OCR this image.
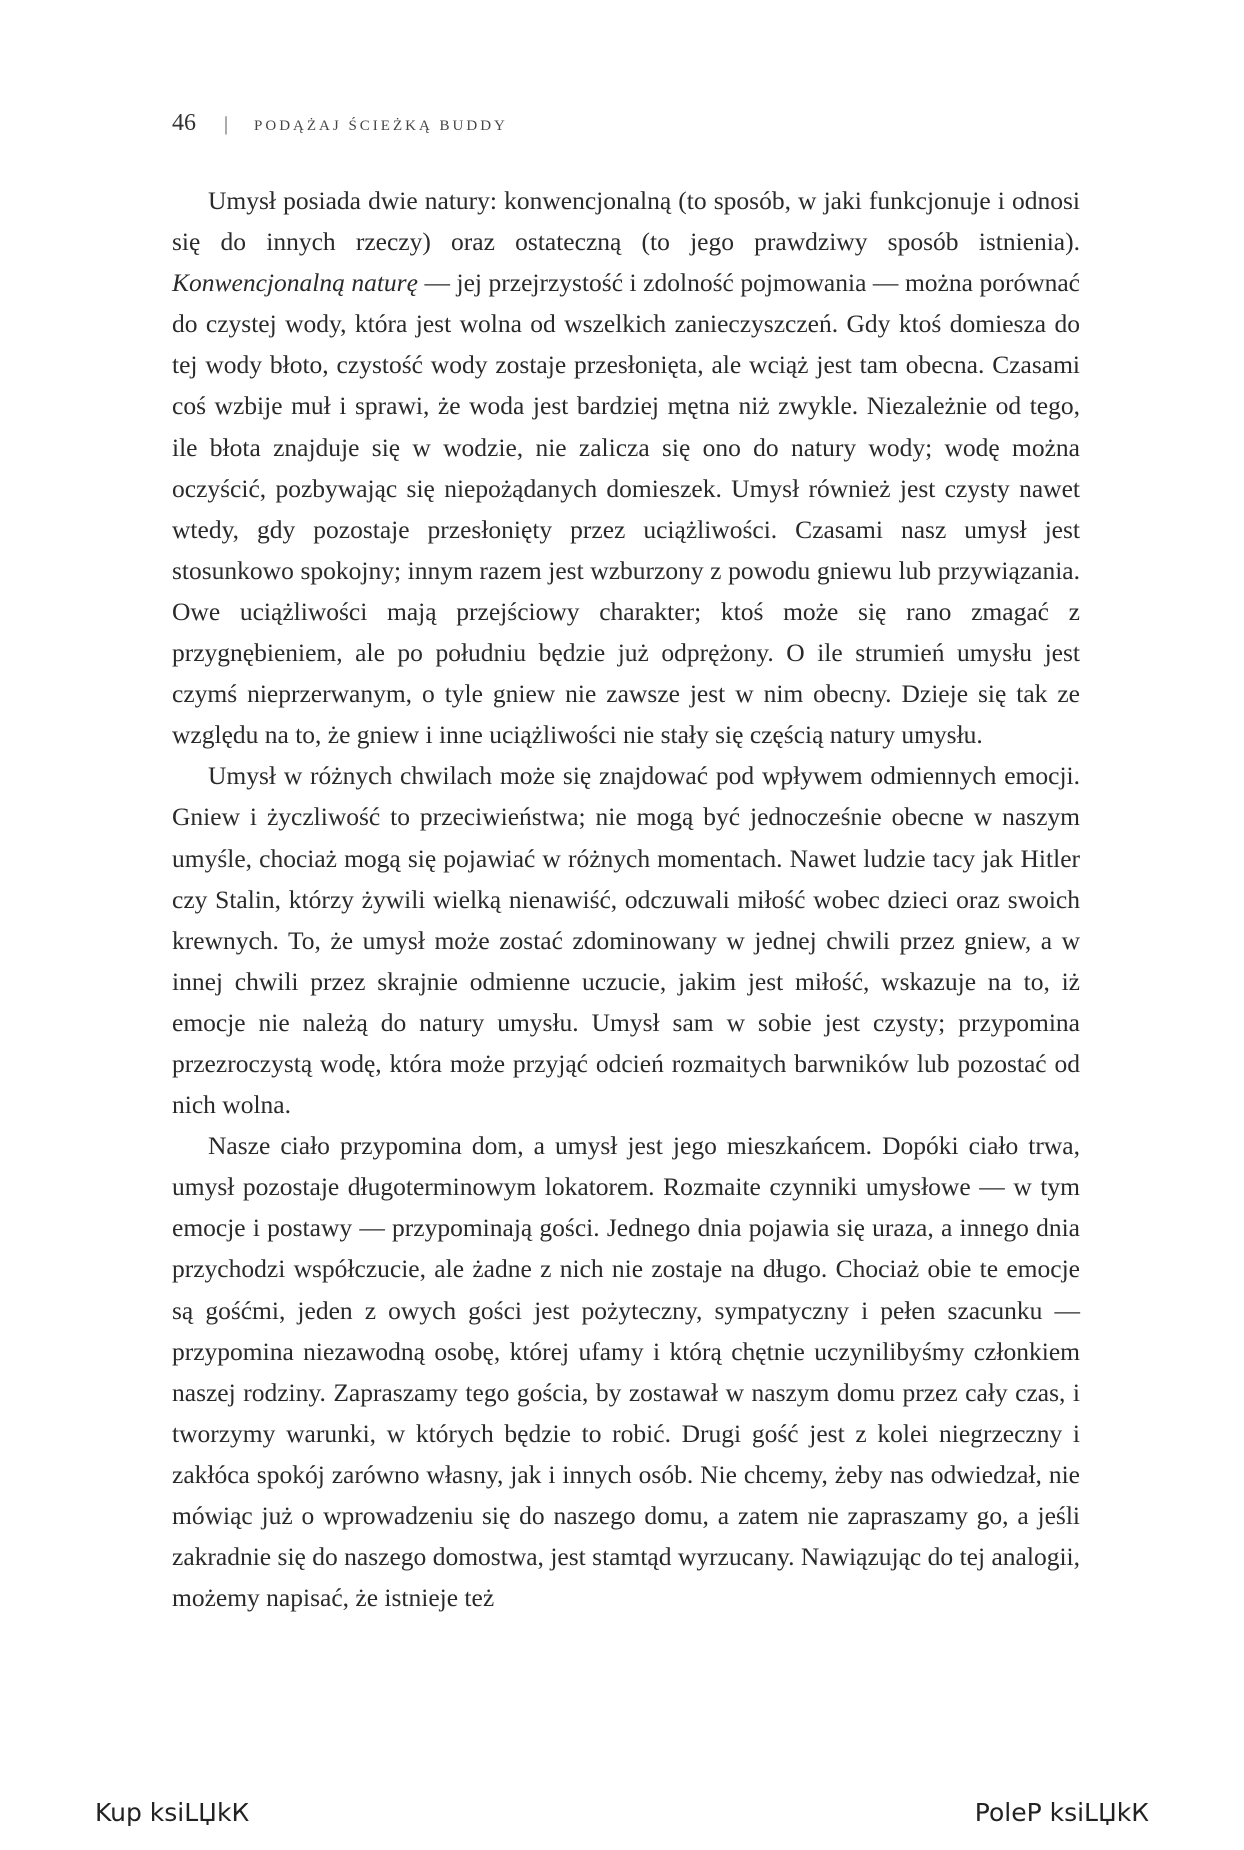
46 | PODĄŻAJ ŚCIEŻKĄ BUDDY

Umysł posiada dwie natury: konwencjonalną (to sposób, w jaki funkcjonuje i odnosi się do innych rzeczy) oraz ostateczną (to jego prawdziwy sposób istnienia). Konwencjonalną naturę — jej przejrzystość i zdolność pojmowania — można porównać do czystej wody, która jest wolna od wszelkich zanieczyszczeń. Gdy ktoś domiesza do tej wody błoto, czystość wody zostaje przesłonięta, ale wciąż jest tam obecna. Czasami coś wzbije muł i sprawi, że woda jest bardziej mętna niż zwykle. Niezależnie od tego, ile błota znajduje się w wodzie, nie zalicza się ono do natury wody; wodę można oczyścić, pozbywając się niepożądanych domieszek. Umysł również jest czysty nawet wtedy, gdy pozostaje przesłonięty przez uciążliwości. Czasami nasz umysł jest stosunkowo spokojny; innym razem jest wzburzony z powodu gniewu lub przywiązania. Owe uciążliwości mają przejściowy charakter; ktoś może się rano zmagać z przygnębieniem, ale po południu będzie już odprężony. O ile strumień umysłu jest czymś nieprzerwanym, o tyle gniew nie zawsze jest w nim obecny. Dzieje się tak ze względu na to, że gniew i inne uciążliwości nie stały się częścią natury umysłu.

Umysł w różnych chwilach może się znajdować pod wpływem odmiennych emocji. Gniew i życzliwość to przeciwieństwa; nie mogą być jednocześnie obecne w naszym umyśle, chociaż mogą się pojawiać w różnych momentach. Nawet ludzie tacy jak Hitler czy Stalin, którzy żywili wielką nienawiść, odczuwali miłość wobec dzieci oraz swoich krewnych. To, że umysł może zostać zdominowany w jednej chwili przez gniew, a w innej chwili przez skrajnie odmienne uczucie, jakim jest miłość, wskazuje na to, iż emocje nie należą do natury umysłu. Umysł sam w sobie jest czysty; przypomina przezroczystą wodę, która może przyjąć odcień rozmaitych barwników lub pozostać od nich wolna.

Nasze ciało przypomina dom, a umysł jest jego mieszkańcem. Dopóki ciało trwa, umysł pozostaje długoterminowym lokatorem. Rozmaite czynniki umysłowe — w tym emocje i postawy — przypominają gości. Jednego dnia pojawia się uraza, a innego dnia przychodzi współczucie, ale żadne z nich nie zostaje na długo. Chociaż obie te emocje są gośćmi, jeden z owych gości jest pożyteczny, sympatyczny i pełen szacunku — przypomina niezawodną osobę, której ufamy i którą chętnie uczynilibyśmy członkiem naszej rodziny. Zapraszamy tego gościa, by zostawał w naszym domu przez cały czas, i tworzymy warunki, w których będzie to robić. Drugi gość jest z kolei niegrzeczny i zakłóca spokój zarówno własny, jak i innych osób. Nie chcemy, żeby nas odwiedzał, nie mówiąc już o wprowadzeniu się do naszego domu, a zatem nie zapraszamy go, a jeśli zakradnie się do naszego domostwa, jest stamtąd wyrzucany. Nawiązując do tej analogii, możemy napisać, że istnieje też

Kup ksiLЏkК	PoleР ksiLЏkК
